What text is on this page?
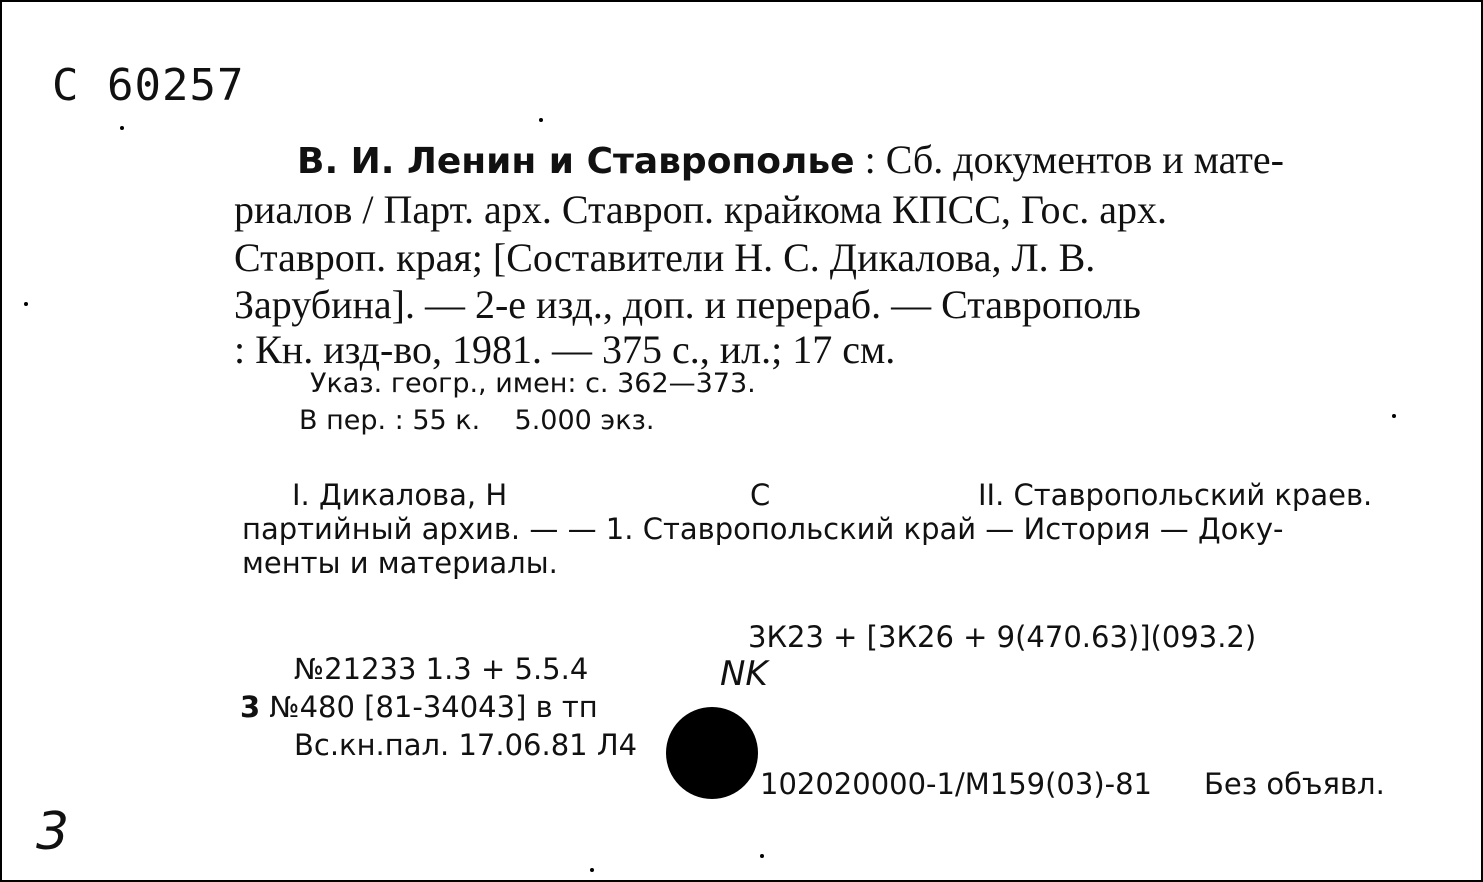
С 60257
В. И. Ленин и Ставрополье : Сб. документов и мате-
риалов / Парт. арх. Ставроп. крайкома КПСС, Гос. арх.
Ставроп. края; [Составители Н. С. Дикалова, Л. В.
Зарубина]. — 2-е изд., доп. и перераб. — Ставрополь
: Кн. изд-во, 1981. — 375 с., ил.; 17 см.
Указ. геогр., имен: с. 362—373.
В пер. : 55 к.    5.000 экз.
I. Дикалова, Н	С	II. Ставропольский краев.
партийный архив. — — 1. Ставропольский край — История — Доку-
менты и материалы.
3К23 + [3К26 + 9(470.63)](093.2)
№21233 1.3 + 5.5.4
3 №480 [81-34043] в тп
Вс.кн.пал. 17.06.81 Л4
NK
102020000-1/М159(03)-81 Без объявл.
3
